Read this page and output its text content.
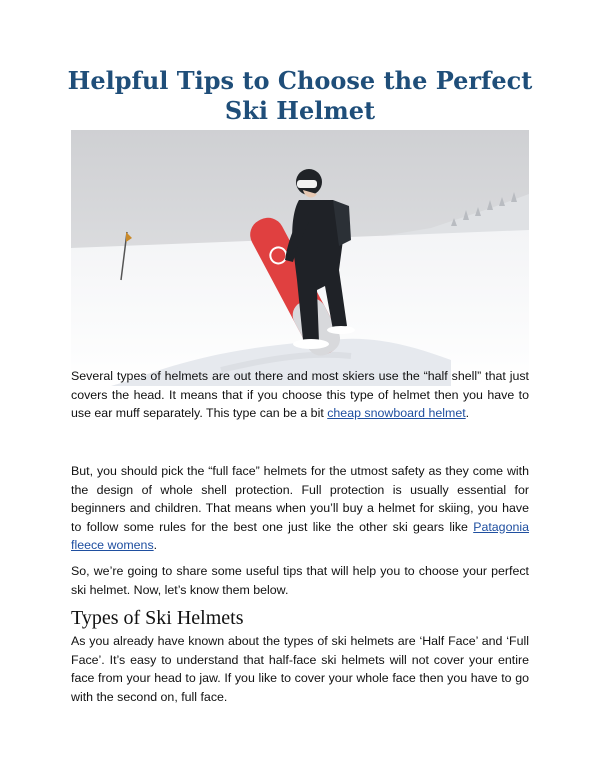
Helpful Tips to Choose the Perfect
Ski Helmet

Several types of helmets are out there and most skiers use the “half shell” that just covers the head. It means that if you choose this type of helmet then you have to use ear muff separately. This type can be a bit cheap snowboard helmet.

But, you should pick the “full face” helmets for the utmost safety as they come with the design of whole shell protection. Full protection is usually essential for beginners and children. That means when you’ll buy a helmet for skiing, you have to follow some rules for the best one just like the other ski gears like Patagonia fleece womens.

So, we’re going to share some useful tips that will help you to choose your perfect ski helmet. Now, let’s know them below.

Types of Ski Helmets

As you already have known about the types of ski helmets are ‘Half Face’ and ‘Full Face’. It’s easy to understand that half-face ski helmets will not cover your entire face from your head to jaw. If you like to cover your whole face then you have to go with the second on, full face.
